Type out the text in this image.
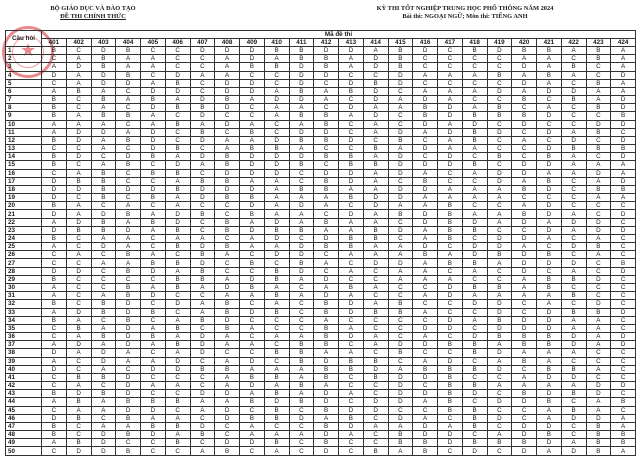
BỘ GIÁO DỤC VÀ ĐÀO TẠO
ĐỀ THI CHÍNH THỨC
★
KỲ THI TỐT NGHIỆP TRUNG HỌC PHỔ THÔNG NĂM 2024
Bài thi: NGOẠI NGỮ; Môn thi: TIẾNG ANH
Câu hỏi	Mã đề thi																							
	401	402	403	404	405	406	407	408	409	410	411	412	413	414	415	416	417	418	419	420	421	422	423	424
1	B	C	D	B	C	C	D	D	D	B	B	D	D	A	B	D	C	B	D	B	B	A	B	A
2	C	A	B	A	A	C	C	A	D	A	B	B	A	D	B	C	C	C	C	A	A	C	B	A
3	A	D	B	A	A	C	C	A	B	B	D	B	A	D	B	C	C	C	C	D	A	B	C	A
4	D	A	D	B	C	D	A	A	C	C	D	D	C	C	D	A	A	A	B	A	B	A	C	D
5	C	A	D	D	A	B	C	D	D	C	D	C	D	B	D	C	C	C	C	D	A	C	B	A
6	A	B	A	C	D	D	C	D	D	A	B	A	B	D	C	A	A	A	D	A	D	D	A	A
7	B	C	B	A	B	A	D	B	A	D	D	A	C	D	A	D	A	C	C	B	C	B	A	D
8	B	C	A	C	D	B	B	D	C	A	A	C	D	A	A	B	D	A	B	C	A	C	B	D
9	B	A	B	B	A	C	D	C	C	A	B	B	A	D	C	B	D	B	B	B	D	C	C	B
10	A	A	A	C	A	B	A	D	A	C	A	B	C	A	C	D	A	D	C	D	C	C	D	D
11	A	D	D	A	D	C	B	C	B	C	D	D	C	A	D	A	D	B	D	C	D	A	B	C
12	B	D	A	B	D	C	D	A	A	D	B	B	D	C	B	C	A	B	C	A	C	D	C	D
13	C	C	A	C	D	B	C	A	B	B	A	C	C	B	A	D	A	A	C	C	D	B	B	B
14	B	D	C	D	B	A	D	B	D	D	D	B	B	A	D	C	D	C	B	C	B	A	C	D
15	B	C	A	B	C	D	A	B	D	D	B	C	B	B	D	D	D	B	C	D	D	A	A	A
16	C	A	B	C	B	B	C	D	D	D	C	D	D	A	D	A	C	A	D	D	A	A	D	A
17	D	B	B	C	C	A	B	B	A	A	C	B	D	A	C	B	C	C	D	A	B	C	A	D
18	D	D	B	D	D	B	D	D	D	A	B	B	A	A	D	D	A	A	A	B	D	C	B	B
19	D	C	B	C	B	A	D	B	B	A	A	A	B	D	D	A	A	A	A	C	C	C	A	A
20	B	A	C	A	C	A	C	C	D	A	D	A	C	D	A	A	B	C	C	A	D	C	C	C
21	D	A	D	B	A	D	B	C	B	A	A	C	D	A	B	D	B	A	A	B	D	A	C	D
22	A	D	B	A	B	D	C	B	A	D	A	B	A	A	C	D	B	D	A	D	A	D	D	C
23	D	B	B	D	A	B	C	B	D	B	B	A	A	B	D	A	B	B	C	C	D	A	D	D
24	B	C	A	A	C	A	A	C	A	D	C	D	B	B	C	A	B	C	D	D	A	C	A	C
25	A	C	D	A	C	B	D	B	A	A	D	B	B	A	A	D	C	D	D	A	C	D	B	C
26	C	A	C	B	A	C	B	A	C	D	D	C	A	A	A	B	A	D	B	D	B	C	A	C
27	C	C	A	A	B	B	D	C	B	C	B	A	C	D	D	A	B	B	A	D	D	D	C	B
28	D	D	C	B	D	A	B	C	C	B	D	C	A	C	A	A	C	A	C	D	C	A	C	D
29	B	C	C	C	C	B	B	A	D	B	A	D	C	C	A	A	A	C	C	A	B	B	D	C
30	A	C	C	B	A	B	A	D	B	A	C	A	B	A	C	C	D	B	B	A	B	C	C	C
31	A	C	A	B	D	C	C	A	A	B	A	D	A	C	C	A	D	A	A	A	A	B	C	C
32	B	C	B	D	C	D	A	B	C	A	C	B	D	A	B	C	C	D	D	C	A	C	D	C
33	A	D	B	D	B	C	A	B	D	B	C	B	D	B	B	A	C	C	D	C	D	B	B	D
34	B	A	C	B	C	A	B	D	C	C	C	A	C	C	C	C	D	A	B	D	D	A	A	C
35	C	B	A	D	A	B	C	B	A	C	C	B	A	C	C	D	D	C	D	D	D	A	A	C
36	C	A	B	D	B	A	D	A	C	A	A	B	D	A	C	A	C	D	B	B	B	D	A	D
37	A	D	A	D	A	B	D	A	A	C	B	B	C	A	D	D	B	B	A	B	B	D	A	D
38	D	A	D	A	C	A	D	C	C	B	B	A	A	C	B	C	C	B	D	A	A	A	C	C
39	A	C	D	A	A	D	C	A	D	C	B	D	B	B	C	A	D	C	A	B	A	C	C	C
40	D	C	A	C	D	D	B	B	A	A	A	B	B	D	A	B	B	B	D	C	B	B	A	C
41	C	B	B	D	C	C	C	A	B	B	A	B	C	B	D	D	B	C	C	A	D	D	C	C
42	C	A	C	D	A	A	C	A	D	A	B	A	C	C	D	C	B	B	A	A	A	A	D	D
43	B	D	B	D	C	C	D	D	A	B	A	D	A	C	D	D	B	D	C	B	D	B	D	C
44	A	B	A	B	B	B	A	A	B	D	B	D	C	D	D	A	B	C	D	D	B	C	A	B
45	C	A	A	D	D	C	A	D	C	B	C	B	D	D	C	C	B	B	C	C	A	B	A	C
46	D	B	C	B	A	A	C	D	B	B	D	A	B	C	D	A	C	B	D	C	A	D	D	A
47	B	C	A	A	B	B	D	C	A	C	C	B	D	A	A	D	A	B	C	D	D	C	B	A
48	B	C	D	B	D	A	B	C	A	A	A	D	A	C	B	D	D	C	A	D	B	C	B	B
49	A	B	D	C	C	B	C	D	D	B	C	B	C	C	B	B	D	B	B	B	D	A	B	B
50	C	D	D	B	C	C	A	B	C	A	C	D	C	B	A	B	C	D	C	D	A	D	B	A
